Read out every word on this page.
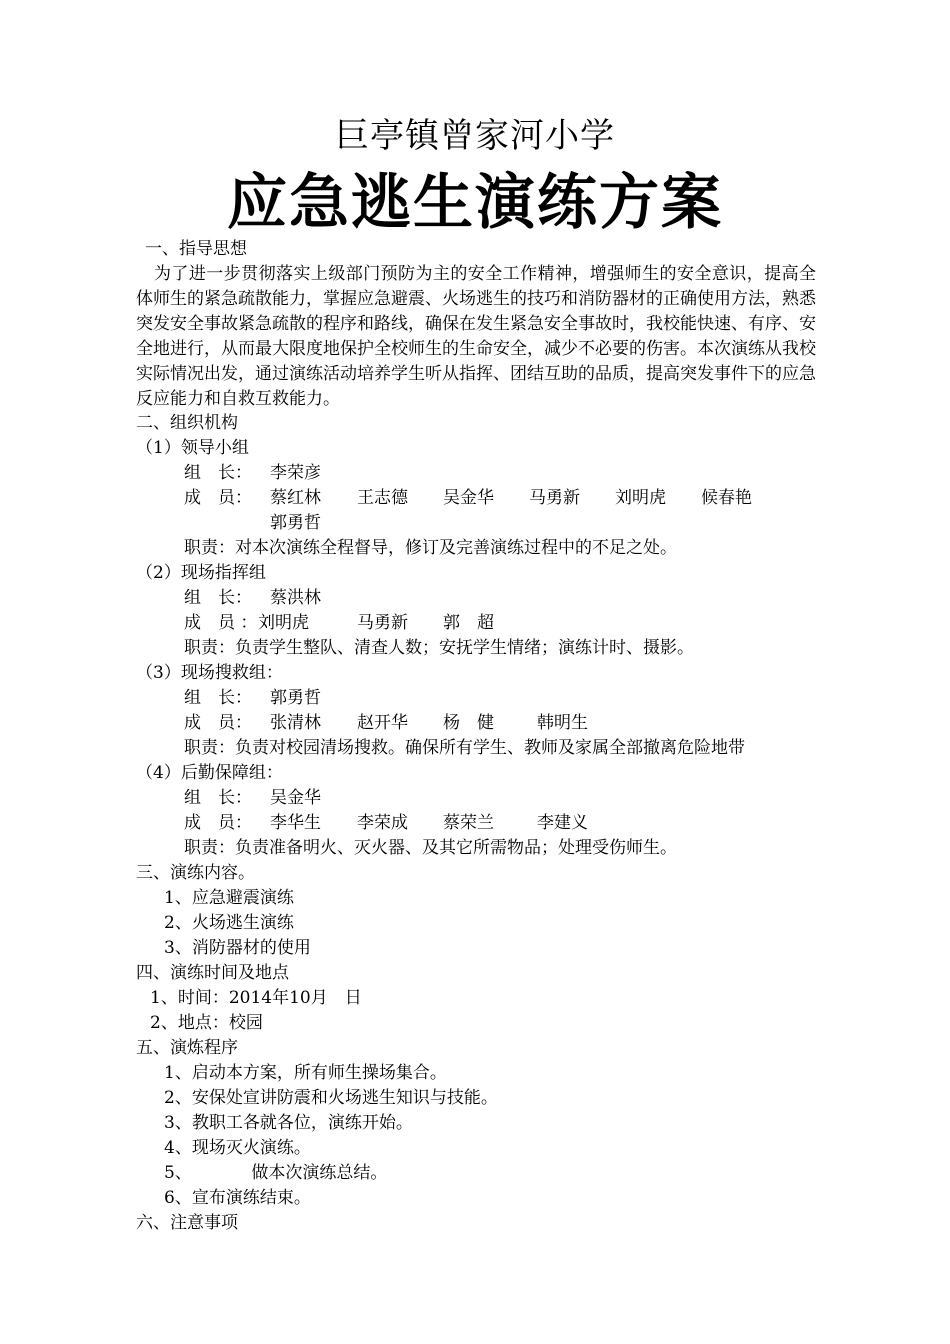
巨亭镇曾家河小学
应急逃生演练方案
一、指导思想
为了进一步贯彻落实上级部门预防为主的安全工作精神，增强师生的安全意识，提高全体师生的紧急疏散能力，掌握应急避震、火场逃生的技巧和消防器材的正确使用方法，熟悉突发安全事故紧急疏散的程序和路线，确保在发生紧急安全事故时，我校能快速、有序、安全地进行，从而最大限度地保护全校师生的生命安全，减少不必要的伤害。本次演练从我校实际情况出发，通过演练活动培养学生听从指挥、团结互助的品质，提高突发事件下的应急反应能力和自救互救能力。
二、组织机构
（1）领导小组
组　长： 李荣彦
成　员： 蔡红林 王志德 吴金华 马勇新 刘明虎 候春艳
郭勇哲
职责：对本次演练全程督导，修订及完善演练过程中的不足之处。
（2）现场指挥组
组　长： 蔡洪林
成　员 ： 刘明虎	马勇新 郭　超
职责：负责学生整队、清查人数；安抚学生情绪；演练计时、摄影。
（3）现场搜救组：
组　长： 郭勇哲
成　员： 张清林 赵开华 杨　健	韩明生
职责：负责对校园清场搜救。确保所有学生、教师及家属全部撤离危险地带
（4）后勤保障组：
组　长： 吴金华
成　员： 李华生 李荣成 蔡荣兰	李建义
职责：负责准备明火、灭火器、及其它所需物品；处理受伤师生。
三、演练内容。
1、应急避震演练
2、火场逃生演练
3、消防器材的使用
四、演练时间及地点
1、时间：2014年10月　日
2、地点：校园
五、演炼程序
1、启动本方案，所有师生操场集合。
2、安保处宣讲防震和火场逃生知识与技能。
3、教职工各就各位，演练开始。
4、现场灭火演练。
5、　　　　做本次演练总结。
6、宣布演练结束。
六、注意事项
